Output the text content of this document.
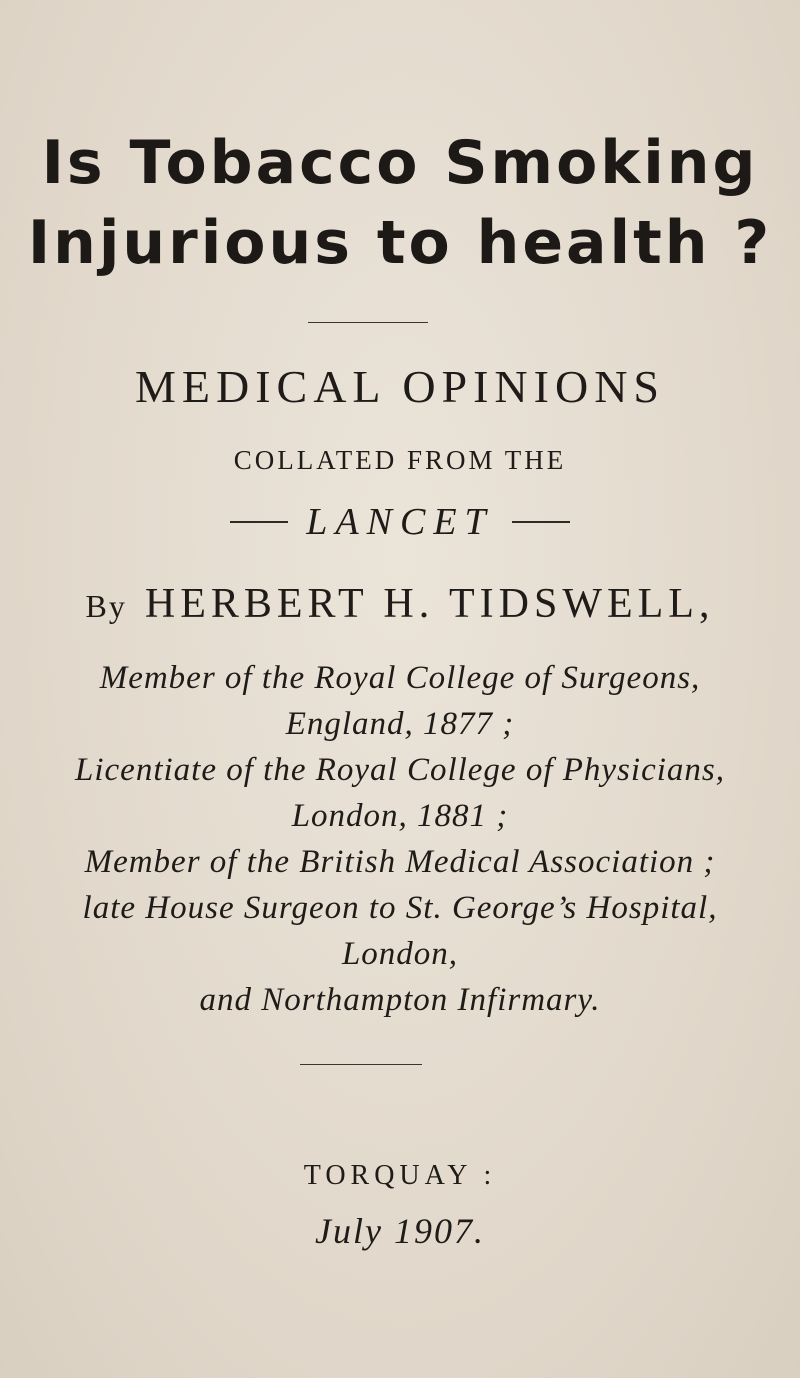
Is Tobacco Smoking
Injurious to health ?
MEDICAL OPINIONS
COLLATED FROM THE
LANCET
By HERBERT H. TIDSWELL,
Member of the Royal College of Surgeons,
England, 1877 ;
Licentiate of the Royal College of Physicians,
London, 1881 ;
Member of the British Medical Association ;
late House Surgeon to St. George’s Hospital,
London,
and Northampton Infirmary.
TORQUAY :
July 1907.
